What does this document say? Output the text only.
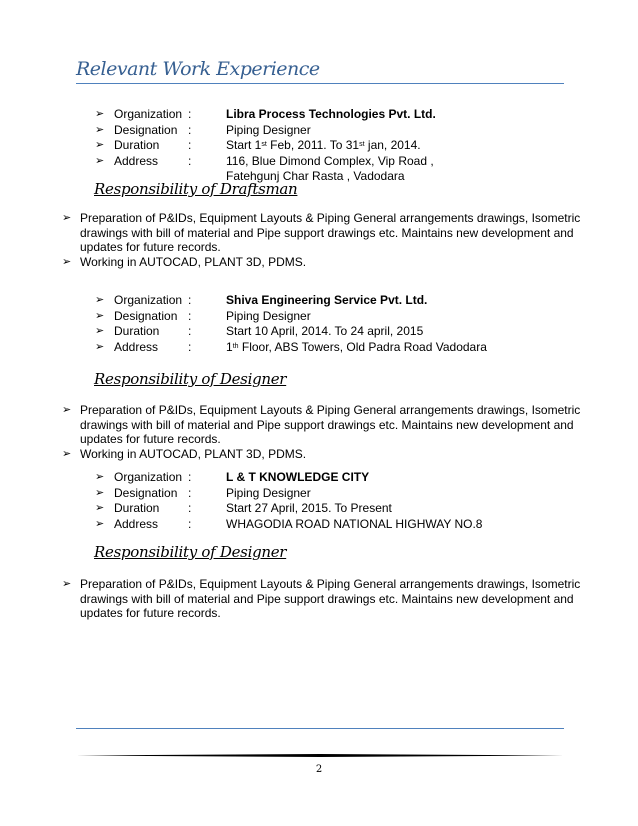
Relevant Work Experience
➢ Organization :	Libra Process Technologies Pvt. Ltd.
➢ Designation :	Piping Designer
➢ Duration :	Start 1st Feb, 2011. To 31st jan, 2014.
➢ Address :	116, Blue Dimond Complex, Vip Road ,
Fatehgunj Char Rasta , Vadodara
Responsibility of Draftsman
➢ Preparation of P&IDs, Equipment Layouts & Piping General arrangements drawings, Isometric drawings with bill of material and Pipe support drawings etc. Maintains new development and updates for future records.
➢ Working in AUTOCAD, PLANT 3D, PDMS.
➢ Organization :	Shiva Engineering Service Pvt. Ltd.
➢ Designation :	Piping Designer
➢ Duration :	Start 10 April, 2014. To 24 april, 2015
➢ Address :	1th Floor, ABS Towers, Old Padra Road Vadodara
Responsibility of Designer
➢ Preparation of P&IDs, Equipment Layouts & Piping General arrangements drawings, Isometric drawings with bill of material and Pipe support drawings etc. Maintains new development and updates for future records.
➢ Working in AUTOCAD, PLANT 3D, PDMS.
➢ Organization :	L & T KNOWLEDGE CITY
➢ Designation :	Piping Designer
➢ Duration :	Start 27 April, 2015. To Present
➢ Address :	WHAGODIA ROAD NATIONAL HIGHWAY NO.8
Responsibility of Designer
➢ Preparation of P&IDs, Equipment Layouts & Piping General arrangements drawings, Isometric drawings with bill of material and Pipe support drawings etc. Maintains new development and updates for future records.
2
